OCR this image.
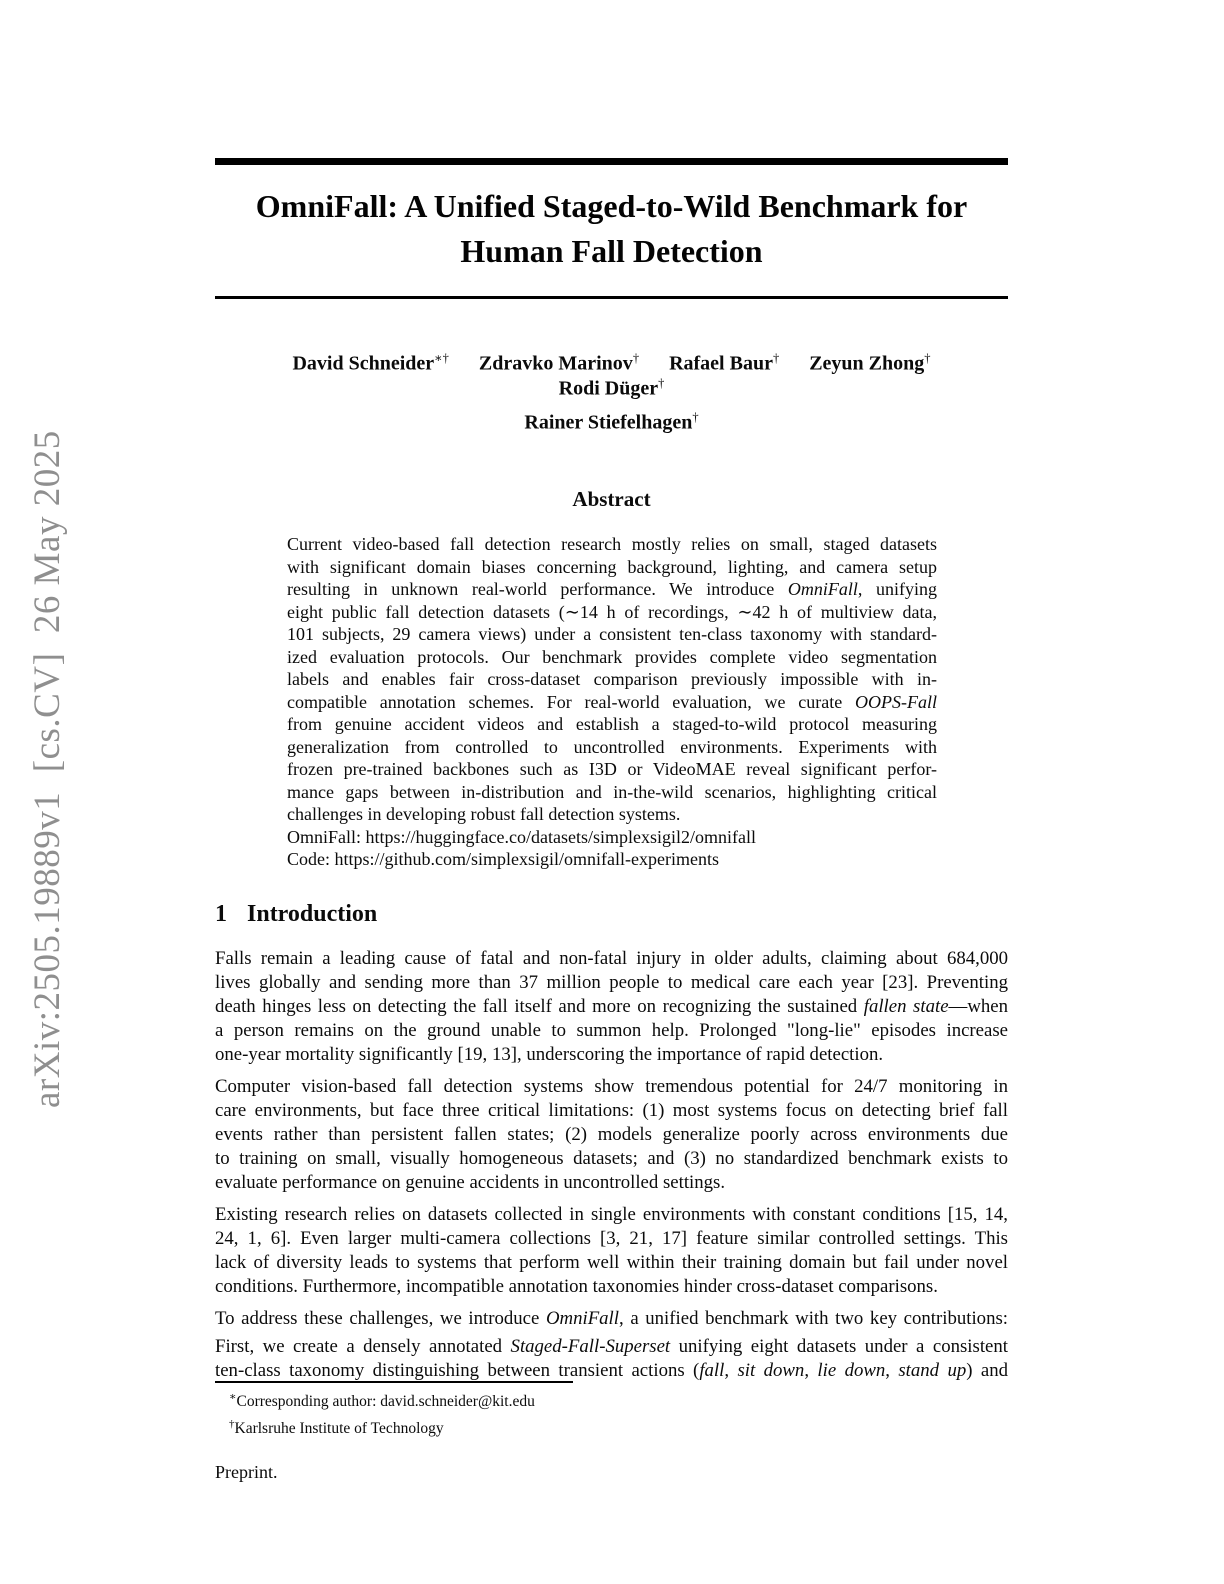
arXiv:2505.19889v1  [cs.CV]  26 May 2025
OmniFall: A Unified Staged-to-Wild Benchmark for
Human Fall Detection
David Schneider∗† Zdravko Marinov† Rafael Baur† Zeyun Zhong†Rodi Düger†
Rainer Stiefelhagen†
Abstract
Current video-based fall detection research mostly relies on small, staged datasets
with significant domain biases concerning background, lighting, and camera setup
resulting in unknown real-world performance. We introduce OmniFall, unifying
eight public fall detection datasets (∼14 h of recordings, ∼42 h of multiview data,
101 subjects, 29 camera views) under a consistent ten-class taxonomy with standard-
ized evaluation protocols. Our benchmark provides complete video segmentation
labels and enables fair cross-dataset comparison previously impossible with in-
compatible annotation schemes. For real-world evaluation, we curate OOPS-Fall
from genuine accident videos and establish a staged-to-wild protocol measuring
generalization from controlled to uncontrolled environments. Experiments with
frozen pre-trained backbones such as I3D or VideoMAE reveal significant perfor-
mance gaps between in-distribution and in-the-wild scenarios, highlighting critical
challenges in developing robust fall detection systems.
OmniFall: https://huggingface.co/datasets/simplexsigil2/omnifall
Code: https://github.com/simplexsigil/omnifall-experiments
1 Introduction
Falls remain a leading cause of fatal and non-fatal injury in older adults, claiming about 684,000
lives globally and sending more than 37 million people to medical care each year [23]. Preventing
death hinges less on detecting the fall itself and more on recognizing the sustained fallen state—when
a person remains on the ground unable to summon help. Prolonged "long-lie" episodes increase
one-year mortality significantly [19, 13], underscoring the importance of rapid detection.
Computer vision-based fall detection systems show tremendous potential for 24/7 monitoring in
care environments, but face three critical limitations: (1) most systems focus on detecting brief fall
events rather than persistent fallen states; (2) models generalize poorly across environments due
to training on small, visually homogeneous datasets; and (3) no standardized benchmark exists to
evaluate performance on genuine accidents in uncontrolled settings.
Existing research relies on datasets collected in single environments with constant conditions [15, 14,
24, 1, 6]. Even larger multi-camera collections [3, 21, 17] feature similar controlled settings. This
lack of diversity leads to systems that perform well within their training domain but fail under novel
conditions. Furthermore, incompatible annotation taxonomies hinder cross-dataset comparisons.
To address these challenges, we introduce OmniFall, a unified benchmark with two key contributions:
First, we create a densely annotated Staged-Fall-Superset unifying eight datasets under a consistent
ten-class taxonomy distinguishing between transient actions (fall, sit down, lie down, stand up) and
∗Corresponding author: david.schneider@kit.edu
†Karlsruhe Institute of Technology
Preprint.
